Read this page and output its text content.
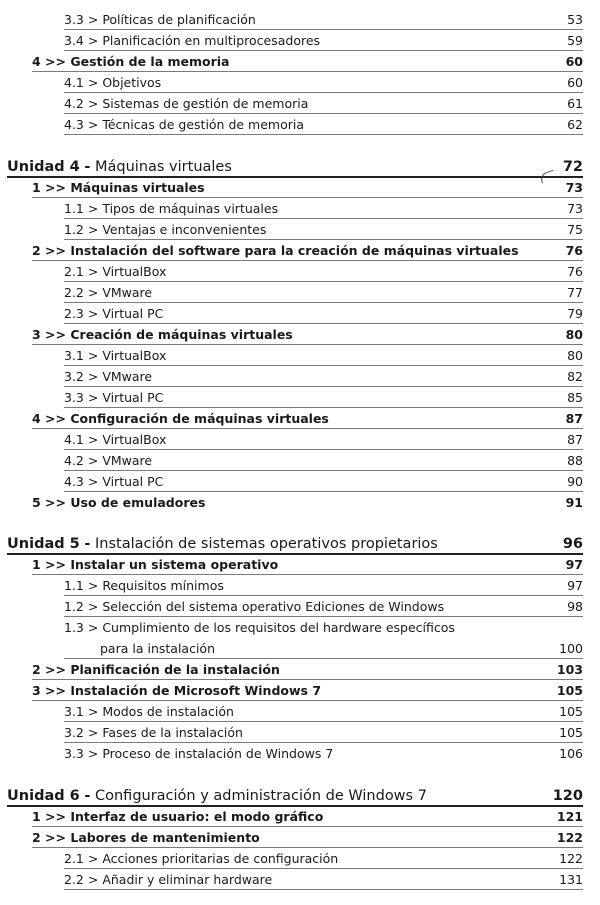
3.3 > Políticas de planificación	53
3.4 > Planificación en multiprocesadores	59
4 >> Gestión de la memoria	60
4.1 > Objetivos	60
4.2 > Sistemas de gestión de memoria	61
4.3 > Técnicas de gestión de memoria	62
Unidad 4 - Máquinas virtuales	72
1 >> Máquinas virtuales	73
1.1 > Tipos de máquinas virtuales	73
1.2 > Ventajas e inconvenientes	75
2 >> Instalación del software para la creación de máquinas virtuales	76
2.1 > VirtualBox	76
2.2 > VMware	77
2.3 > Virtual PC	79
3 >> Creación de máquinas virtuales	80
3.1 > VirtualBox	80
3.2 > VMware	82
3.3 > Virtual PC	85
4 >> Configuración de máquinas virtuales	87
4.1 > VirtualBox	87
4.2 > VMware	88
4.3 > Virtual PC	90
5 >> Uso de emuladores	91
Unidad 5 - Instalación de sistemas operativos propietarios	96
1 >> Instalar un sistema operativo	97
1.1 > Requisitos mínimos	97
1.2 > Selección del sistema operativo Ediciones de Windows	98
1.3 > Cumplimiento de los requisitos del hardware específicos
para la instalación	100
2 >> Planificación de la instalación	103
3 >> Instalación de Microsoft Windows 7	105
3.1 > Modos de instalación	105
3.2 > Fases de la instalación	105
3.3 > Proceso de instalación de Windows 7	106
Unidad 6 - Configuración y administración de Windows 7	120
1 >> Interfaz de usuario: el modo gráfico	121
2 >> Labores de mantenimiento	122
2.1 > Acciones prioritarias de configuración	122
2.2 > Añadir y eliminar hardware	131
